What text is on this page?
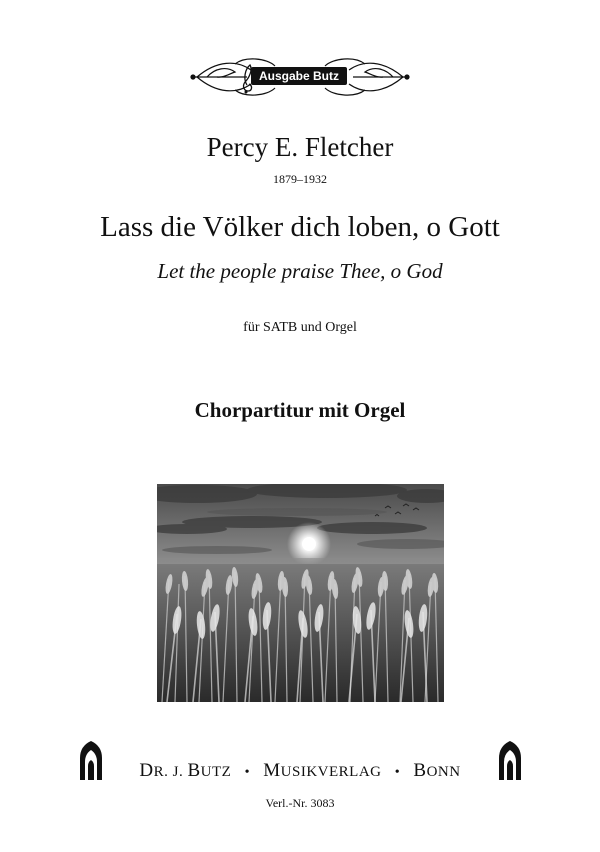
Ausgabe Butz
Percy E. Fletcher
1879–1932
Lass die Völker dich loben, o Gott
Let the people praise Thee, o God
für SATB und Orgel
Chorpartitur mit Orgel
DR. J. BUTZ • MUSIKVERLAG • BONN
Verl.-Nr. 3083
